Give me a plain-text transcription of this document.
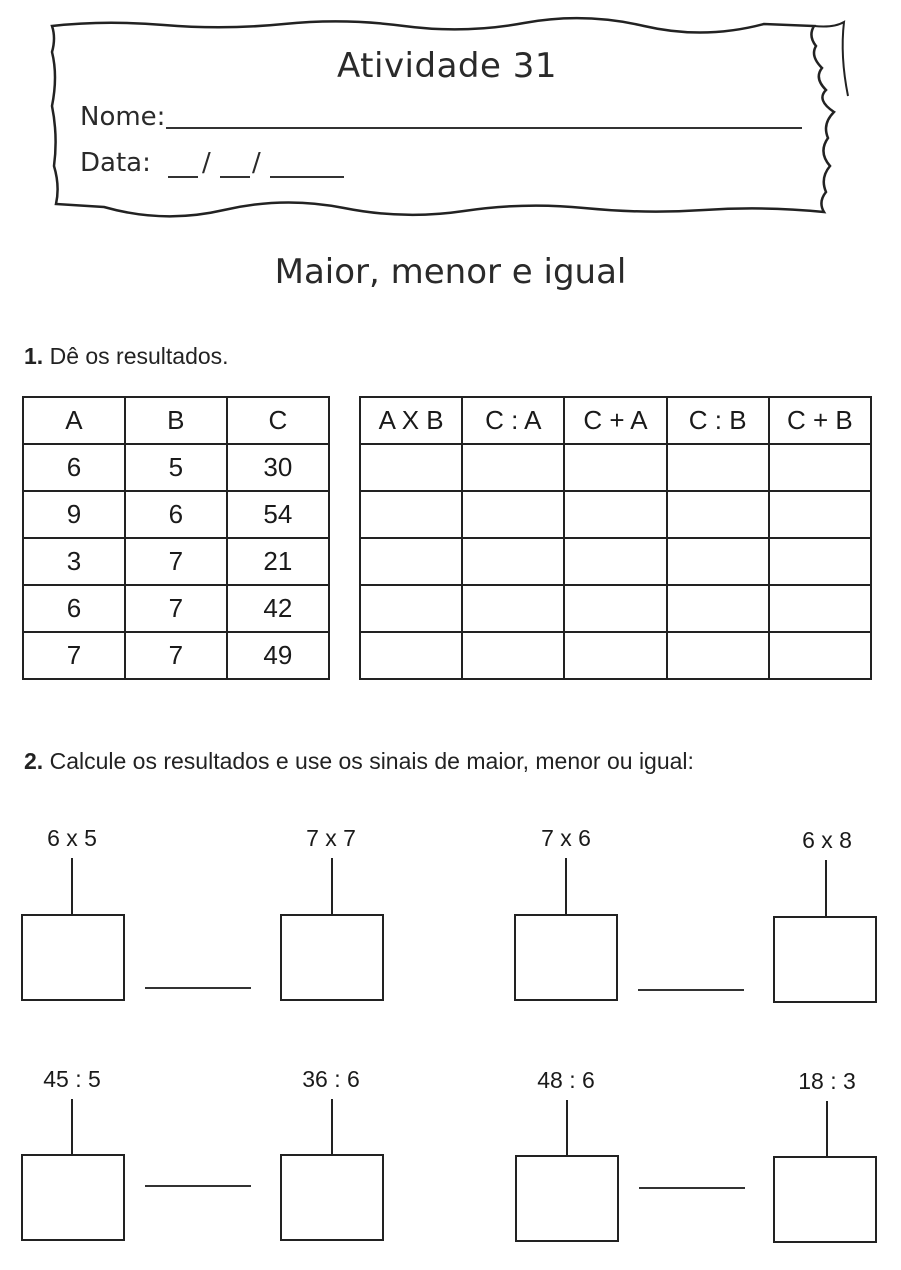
Atividade 31
Nome:
Data: / /
Maior, menor e igual
1. Dê os resultados.
A	B	C
6	5	30
9	6	54
3	7	21
6	7	42
7	7	49
A X B	C : A	C + A	C : B	C + B

2. Calcule os resultados e use os sinais de maior, menor ou igual:
6 x 5	7 x 7	7 x 6	6 x 8
45 : 5	36 : 6	48 : 6	18 : 3
